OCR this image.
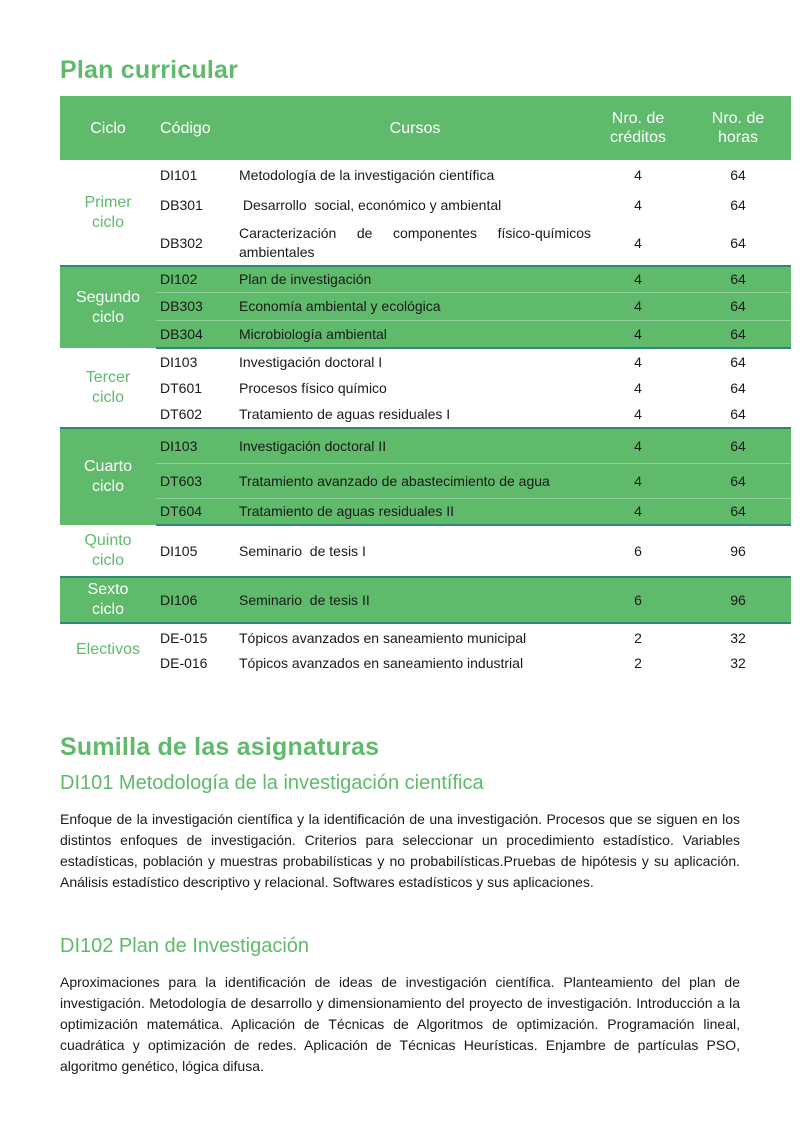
Plan curricular
Ciclo	Código	Cursos	Nro. de créditos	Nro. de horas
Primer ciclo	DI101	Metodología de la investigación científica	4	64
	DB301	Desarrollo  social, económico y ambiental	4	64
	DB302	Caracterización de componentes físico-químicos ambientales	4	64
Segundo ciclo	DI102	Plan de investigación	4	64
	DB303	Economía ambiental y ecológica	4	64
	DB304	Microbiología ambiental	4	64
Tercer ciclo	DI103	Investigación doctoral I	4	64
	DT601	Procesos físico químico	4	64
	DT602	Tratamiento de aguas residuales I	4	64
Cuarto ciclo	DI103	Investigación doctoral II	4	64
	DT603	Tratamiento avanzado de abastecimiento de agua	4	64
	DT604	Tratamiento de aguas residuales II	4	64
Quinto ciclo	DI105	Seminario  de tesis I	6	96
Sexto ciclo	DI106	Seminario  de tesis II	6	96
Electivos	DE-015	Tópicos avanzados en saneamiento municipal	2	32
	DE-016	Tópicos avanzados en saneamiento industrial	2	32
Sumilla de las asignaturas
DI101 Metodología de la investigación científica

Enfoque de la investigación científica y la identificación de una investigación. Procesos que se siguen en los distintos enfoques de investigación. Criterios para seleccionar un procedimiento estadístico. Variables estadísticas, población y muestras probabilísticas y no probabilísticas.Pruebas de hipótesis y su aplicación. Análisis estadístico descriptivo y relacional. Softwares estadísticos y sus aplicaciones.

DI102 Plan de Investigación

Aproximaciones para la identificación de ideas de investigación científica. Planteamiento del plan de investigación. Metodología de desarrollo y dimensionamiento del proyecto de investigación. Introducción a la optimización matemática. Aplicación de Técnicas de Algoritmos de optimización. Programación lineal, cuadrática y optimización de redes. Aplicación de Técnicas Heurísticas. Enjambre de partículas PSO, algoritmo genético, lógica difusa.
